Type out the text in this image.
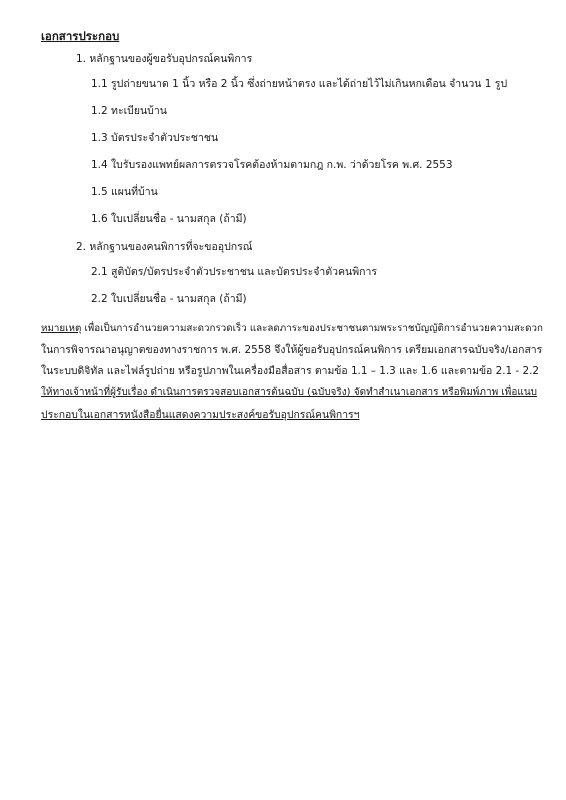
เอกสารประกอบ
1. หลักฐานของผู้ขอรับอุปกรณ์คนพิการ
1.1 รูปถ่ายขนาด 1 นิ้ว หรือ 2 นิ้ว ซึ่งถ่ายหน้าตรง และได้ถ่ายไว้ไม่เกินหกเดือน จำนวน 1 รูป
1.2 ทะเบียนบ้าน
1.3 บัตรประจำตัวประชาชน
1.4 ใบรับรองแพทย์ผลการตรวจโรคต้องห้ามตามกฎ ก.พ. ว่าด้วยโรค พ.ศ. 2553
1.5 แผนที่บ้าน
1.6 ใบเปลี่ยนชื่อ - นามสกุล (ถ้ามี)
2. หลักฐานของคนพิการที่จะขออุปกรณ์
2.1 สูติบัตร/บัตรประจำตัวประชาชน และบัตรประจำตัวคนพิการ
2.2 ใบเปลี่ยนชื่อ - นามสกุล (ถ้ามี)
หมายเหตุ เพื่อเป็นการอำนวยความสะดวกรวดเร็ว และลดภาระของประชาชนตามพระราชบัญญัติการอำนวยความสะดวก
ในการพิจารณาอนุญาตของทางราชการ พ.ศ. 2558 จึงให้ผู้ขอรับอุปกรณ์คนพิการ เตรียมเอกสารฉบับจริง/เอกสาร
ในระบบดิจิทัล และไฟล์รูปถ่าย หรือรูปภาพในเครื่องมือสื่อสาร ตามข้อ 1.1 – 1.3 และ 1.6 และตามข้อ 2.1 - 2.2
ให้ทางเจ้าหน้าที่ผู้รับเรื่อง ดำเนินการตรวจสอบเอกสารต้นฉบับ (ฉบับจริง) จัดทำสำเนาเอกสาร หรือพิมพ์ภาพ เพื่อแนบ
ประกอบในเอกสารหนังสือยื่นแสดงความประสงค์ขอรับอุปกรณ์คนพิการฯ
